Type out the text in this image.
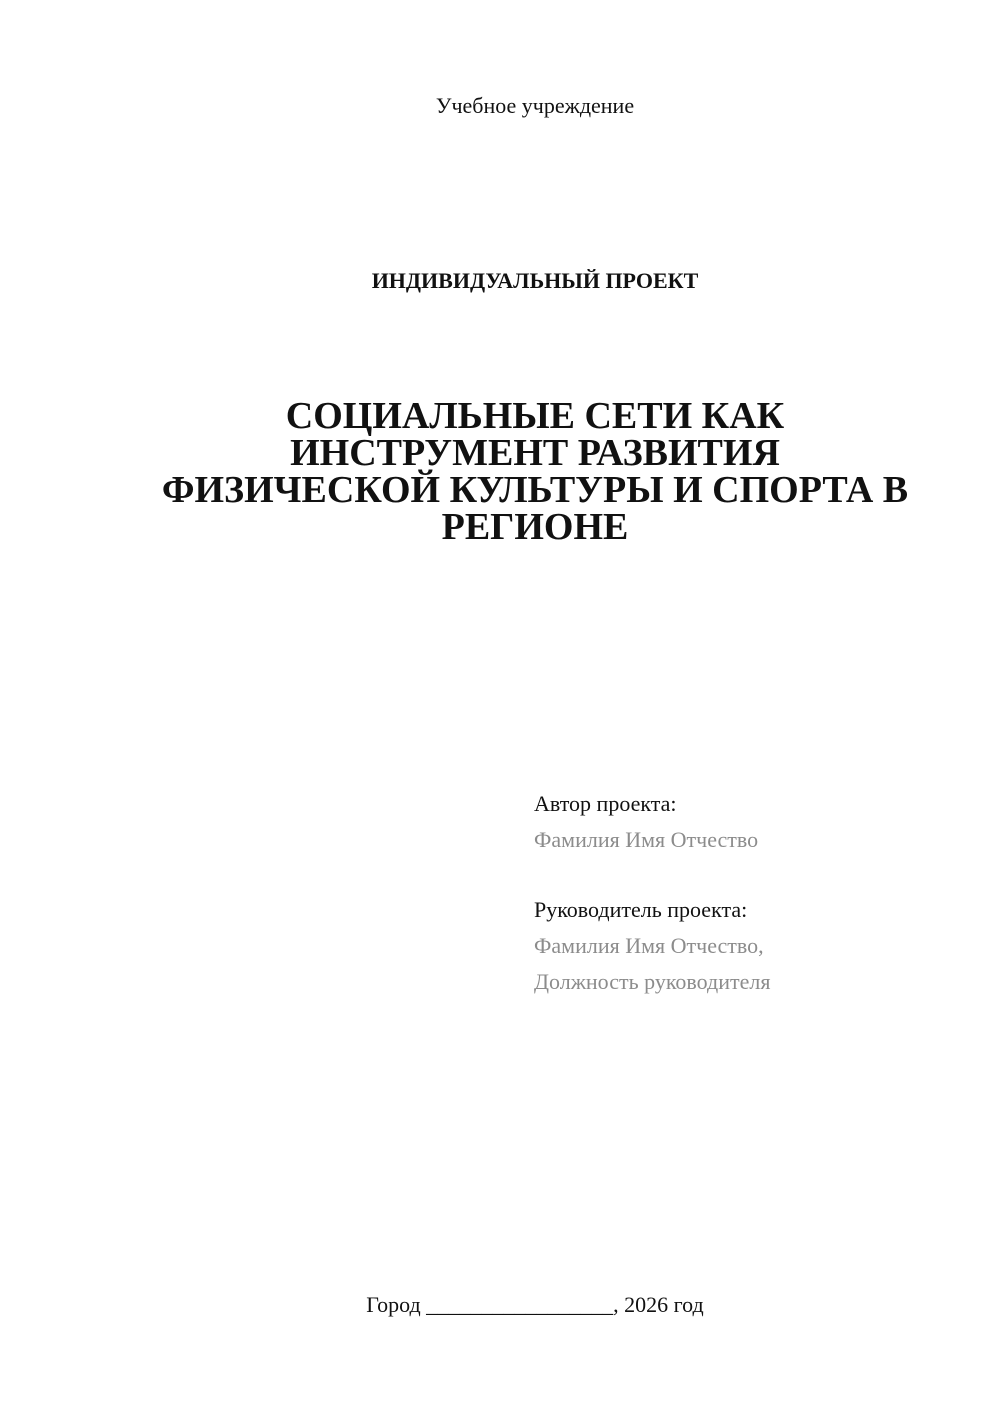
Учебное учреждение
ИНДИВИДУАЛЬНЫЙ ПРОЕКТ
СОЦИАЛЬНЫЕ СЕТИ КАК
ИНСТРУМЕНТ РАЗВИТИЯ
ФИЗИЧЕСКОЙ КУЛЬТУРЫ И СПОРТА В
РЕГИОНЕ
Автор проекта:
Фамилия Имя Отчество
Руководитель проекта:
Фамилия Имя Отчество,
Должность руководителя
Город _________________, 2026 год
